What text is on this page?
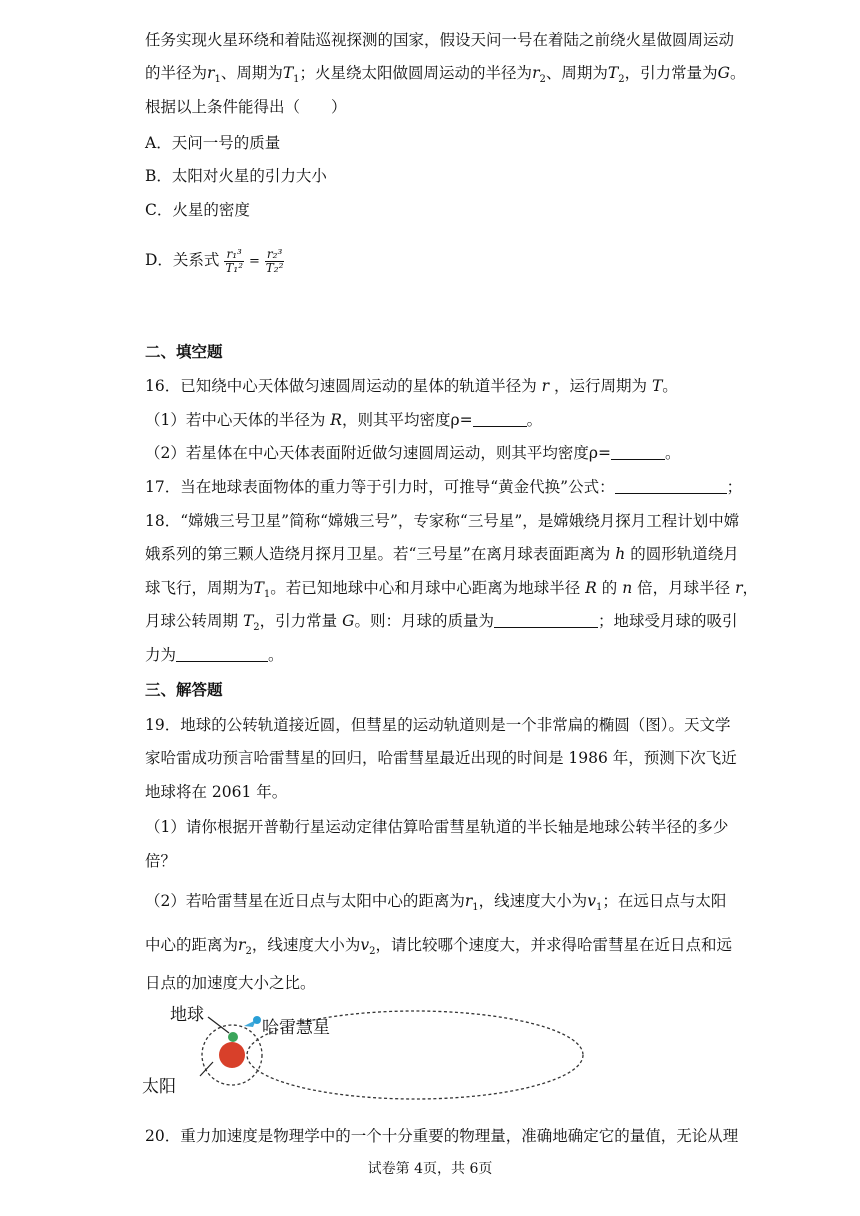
任务实现火星环绕和着陆巡视探测的国家，假设天问一号在着陆之前绕火星做圆周运动
的半径为$r_1$、周期为$T_1$；火星绕太阳做圆周运动的半径为$r_2$、周期为$T_2$，引力常量为G。
根据以上条件能得出（　　）
A．天问一号的质量
B．太阳对火星的引力大小
C．火星的密度
D．关系式 $\frac{\text{r₁³}}{\text{T₁²}} = \frac{\text{r₂³}}{\text{T₂²}}$
二、填空题
16．已知绕中心天体做匀速圆周运动的星体的轨道半径为 r ，运行周期为 T。
（1）若中心天体的半径为 R，则其平均密度ρ=	。
（2）若星体在中心天体表面附近做匀速圆周运动，则其平均密度ρ=	。
17．当在地球表面物体的重力等于引力时，可推导“黄金代换”公式：	；
18．“嫦娥三号卫星”简称“嫦娥三号”，专家称“三号星”，是嫦娥绕月探月工程计划中嫦
娥系列的第三颗人造绕月探月卫星。若“三号星”在离月球表面距离为 h 的圆形轨道绕月
球飞行，周期为$T_1$。若已知地球中心和月球中心距离为地球半径 R 的 n 倍，月球半径 r，
月球公转周期 $T_2$，引力常量 G。则：月球的质量为	；地球受月球的吸引
力为	。
三、解答题
19．地球的公转轨道接近圆，但彗星的运动轨道则是一个非常扁的椭圆（图）。天文学
家哈雷成功预言哈雷彗星的回归，哈雷彗星最近出现的时间是 1986 年，预测下次飞近
地球将在 2061 年。
（1）请你根据开普勒行星运动定律估算哈雷彗星轨道的半长轴是地球公转半径的多少
倍？
（2）若哈雷彗星在近日点与太阳中心的距离为$r_1$，线速度大小为$v_1$；在远日点与太阳
中心的距离为$r_2$，线速度大小为$v_2$，请比较哪个速度大，并求得哈雷彗星在近日点和远
日点的加速度大小之比。
地球
哈雷慧星
太阳
20．重力加速度是物理学中的一个十分重要的物理量，准确地确定它的量值，无论从理
试卷第 4页，共 6页
